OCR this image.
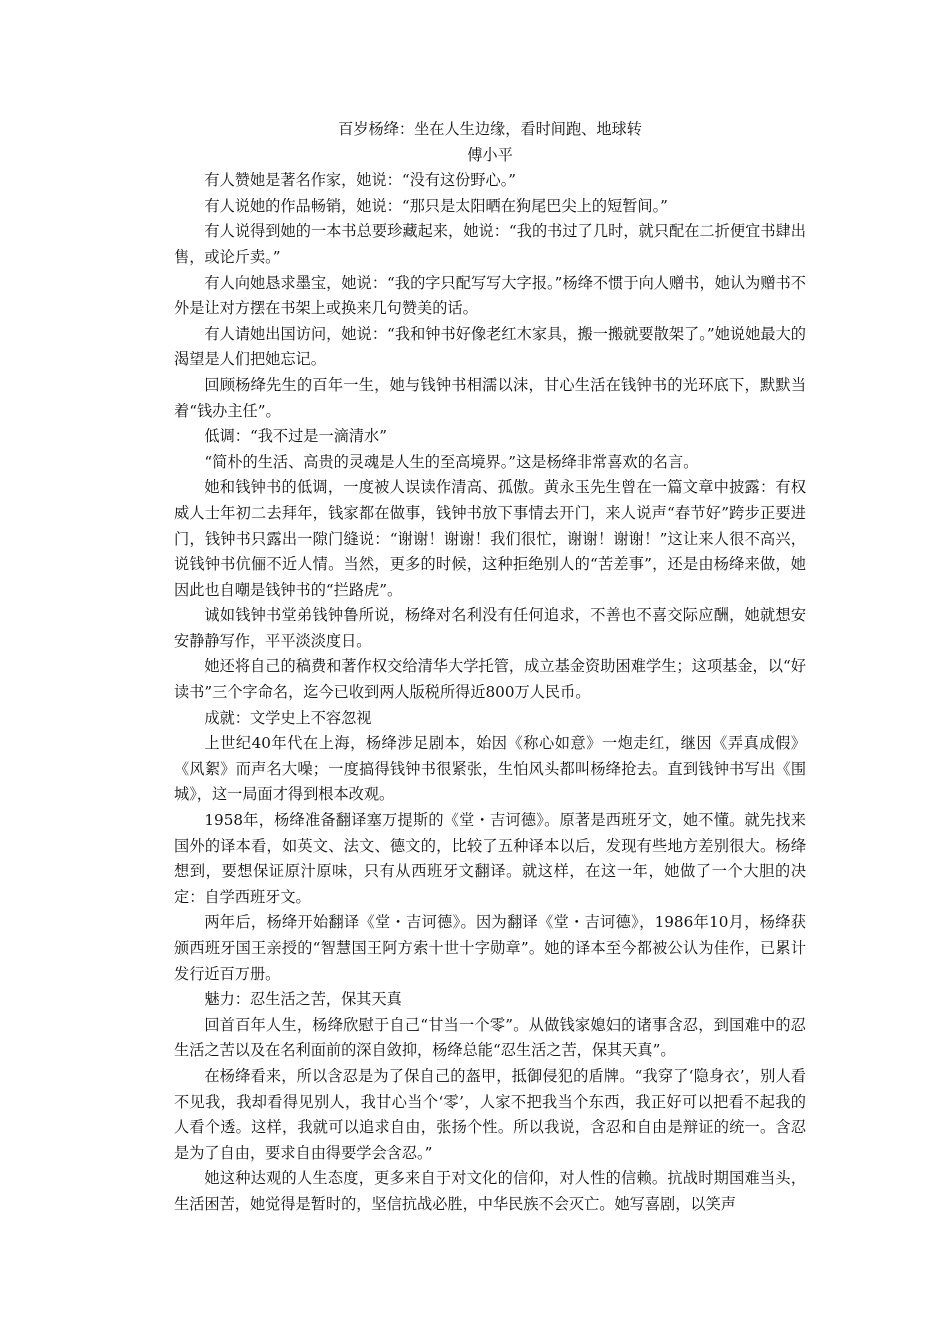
百岁杨绛：坐在人生边缘，看时间跑、地球转

傅小平

有人赞她是著名作家，她说：“没有这份野心。”

有人说她的作品畅销，她说：“那只是太阳晒在狗尾巴尖上的短暂间。”

有人说得到她的一本书总要珍藏起来，她说：“我的书过了几时，就只配在二折便宜书肆出售，或论斤卖。”

有人向她恳求墨宝，她说：“我的字只配写写大字报。”杨绛不惯于向人赠书，她认为赠书不外是让对方摆在书架上或换来几句赞美的话。

有人请她出国访问，她说：“我和钟书好像老红木家具，搬一搬就要散架了。”她说她最大的渴望是人们把她忘记。

回顾杨绛先生的百年一生，她与钱钟书相濡以沫，甘心生活在钱钟书的光环底下，默默当着“钱办主任”。

低调：“我不过是一滴清水”

“简朴的生活、高贵的灵魂是人生的至高境界。”这是杨绛非常喜欢的名言。

她和钱钟书的低调，一度被人误读作清高、孤傲。黄永玉先生曾在一篇文章中披露：有权威人士年初二去拜年，钱家都在做事，钱钟书放下事情去开门，来人说声“春节好”跨步正要进门，钱钟书只露出一隙门缝说：“谢谢！谢谢！我们很忙，谢谢！谢谢！”这让来人很不高兴，说钱钟书伉俪不近人情。当然，更多的时候，这种拒绝别人的“苦差事”，还是由杨绛来做，她因此也自嘲是钱钟书的“拦路虎”。

诚如钱钟书堂弟钱钟鲁所说，杨绛对名利没有任何追求，不善也不喜交际应酬，她就想安安静静写作，平平淡淡度日。

她还将自己的稿费和著作权交给清华大学托管，成立基金资助困难学生；这项基金，以“好读书”三个字命名，迄今已收到两人版税所得近800万人民币。

成就：文学史上不容忽视

上世纪40年代在上海，杨绛涉足剧本，始因《称心如意》一炮走红，继因《弄真成假》《风絮》而声名大噪；一度搞得钱钟书很紧张，生怕风头都叫杨绛抢去。直到钱钟书写出《围城》，这一局面才得到根本改观。

1958年，杨绛准备翻译塞万提斯的《堂・吉诃德》。原著是西班牙文，她不懂。就先找来国外的译本看，如英文、法文、德文的，比较了五种译本以后，发现有些地方差别很大。杨绛想到，要想保证原汁原味，只有从西班牙文翻译。就这样，在这一年，她做了一个大胆的决定：自学西班牙文。

两年后，杨绛开始翻译《堂・吉诃德》。因为翻译《堂・吉诃德》，1986年10月，杨绛获颁西班牙国王亲授的“智慧国王阿方索十世十字勋章”。她的译本至今都被公认为佳作，已累计发行近百万册。

魅力：忍生活之苦，保其天真

回首百年人生，杨绛欣慰于自己“甘当一个零”。从做钱家媳妇的诸事含忍，到国难中的忍生活之苦以及在名利面前的深自敛抑，杨绛总能“忍生活之苦，保其天真”。

在杨绛看来，所以含忍是为了保自己的盔甲，抵御侵犯的盾牌。“我穿了‘隐身衣’，别人看不见我，我却看得见别人，我甘心当个‘零’，人家不把我当个东西，我正好可以把看不起我的人看个透。这样，我就可以追求自由，张扬个性。所以我说，含忍和自由是辩证的统一。含忍是为了自由，要求自由得要学会含忍。”

她这种达观的人生态度，更多来自于对文化的信仰，对人性的信赖。抗战时期国难当头，生活困苦，她觉得是暂时的，坚信抗战必胜，中华民族不会灭亡。她写喜剧，以笑声
